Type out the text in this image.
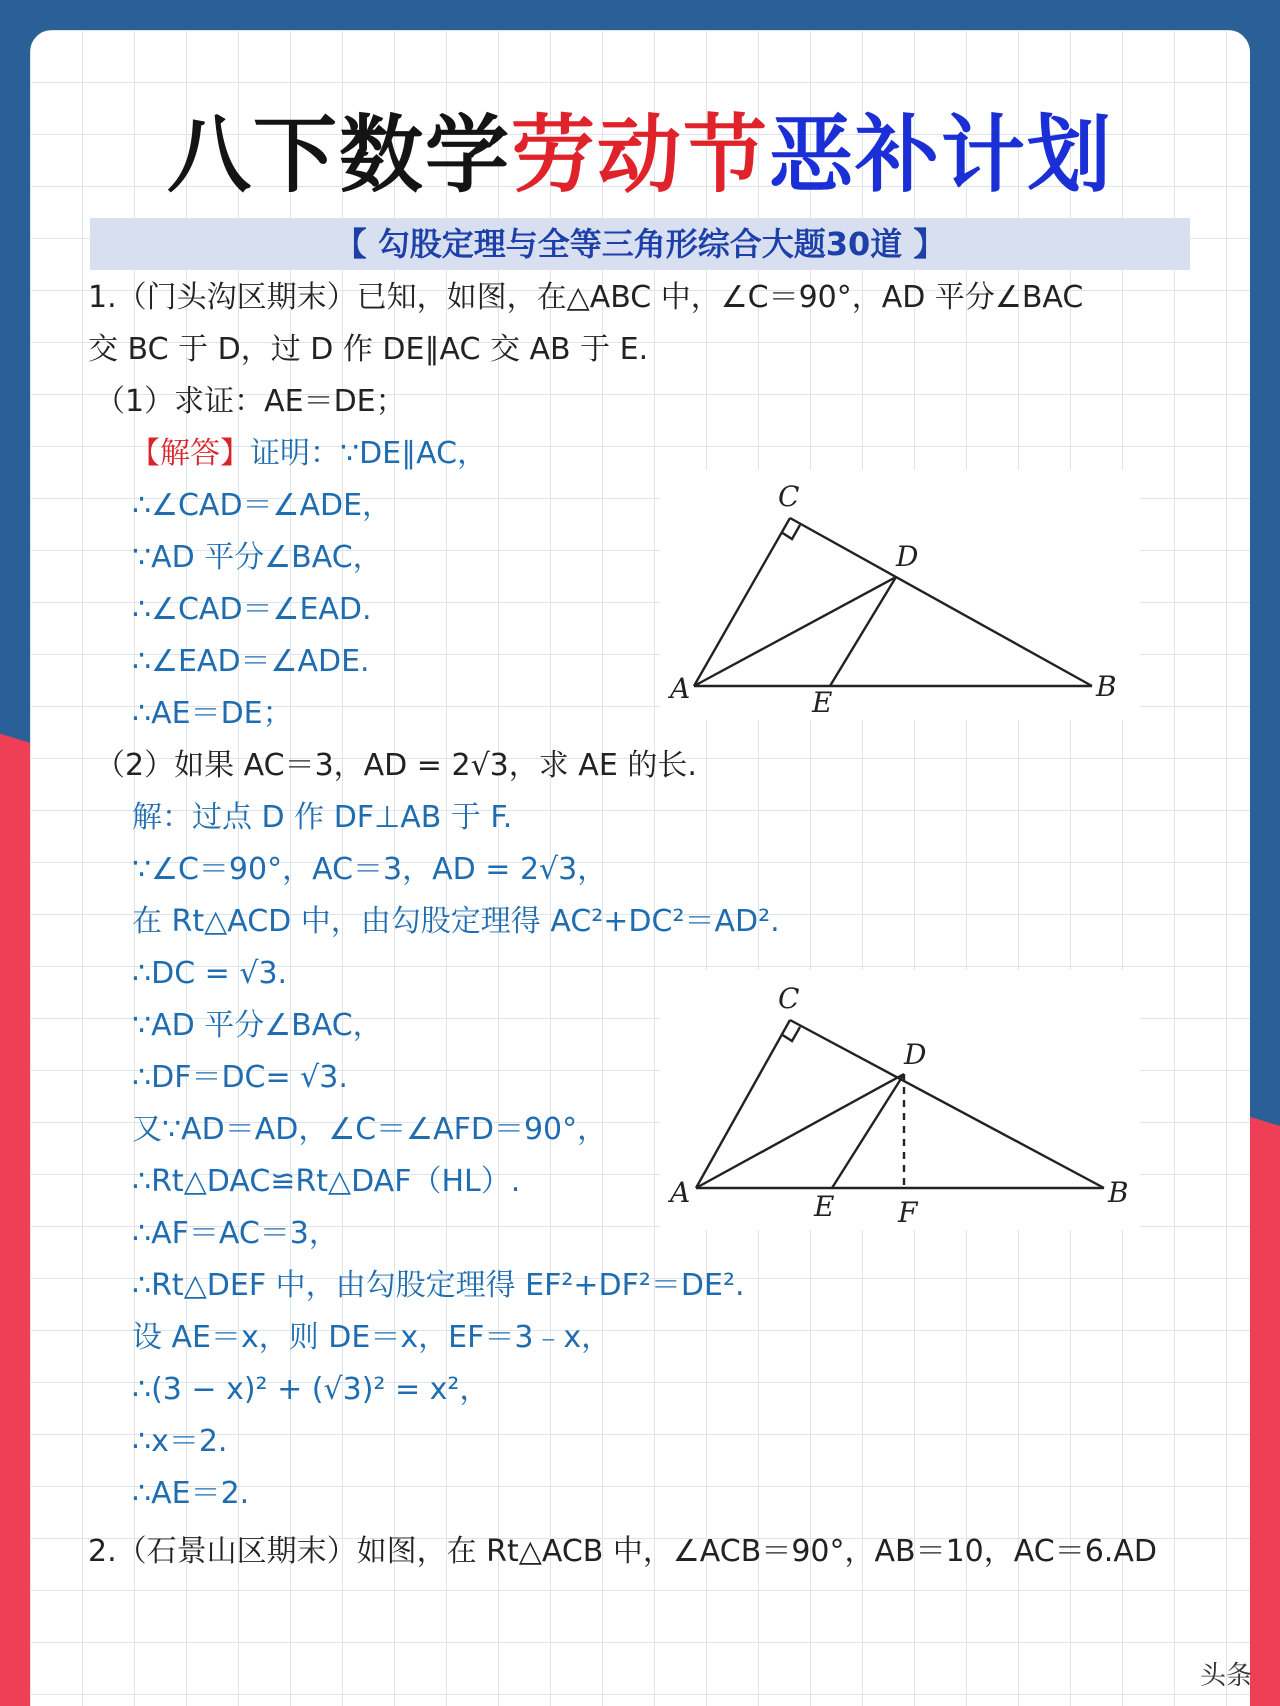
八下数学劳动节恶补计划
【 勾股定理与全等三角形综合大题30道 】
1.（门头沟区期末）已知，如图，在△ABC 中，∠C＝90°，AD 平分∠BAC
交 BC 于 D，过 D 作 DE∥AC 交 AB 于 E.
（1）求证：AE＝DE；
【解答】证明：∵DE∥AC，
∴∠CAD＝∠ADE，
∵AD 平分∠BAC，
∴∠CAD＝∠EAD.
∴∠EAD＝∠ADE.
∴AE＝DE；
（2）如果 AC＝3，AD = 2√3，求 AE 的长.
解：过点 D 作 DF⊥AB 于 F.
∵∠C＝90°，AC＝3，AD = 2√3，
在 Rt△ACD 中，由勾股定理得 AC²+DC²＝AD².
∴DC = √3.
∵AD 平分∠BAC，
∴DF＝DC= √3.
又∵AD＝AD，∠C＝∠AFD＝90°，
∴Rt△DAC≌Rt△DAF（HL）.
∴AF＝AC＝3，
∴Rt△DEF 中，由勾股定理得 EF²+DF²＝DE².
设 AE＝x，则 DE＝x，EF＝3﹣x，
∴(3 − x)² + (√3)² = x²，
∴x＝2.
∴AE＝2.
2.（石景山区期末）如图，在 Rt△ACB 中，∠ACB＝90°，AB＝10，AC＝6.AD
C
D
A	B
E
C
D
A	B
E F
头条
